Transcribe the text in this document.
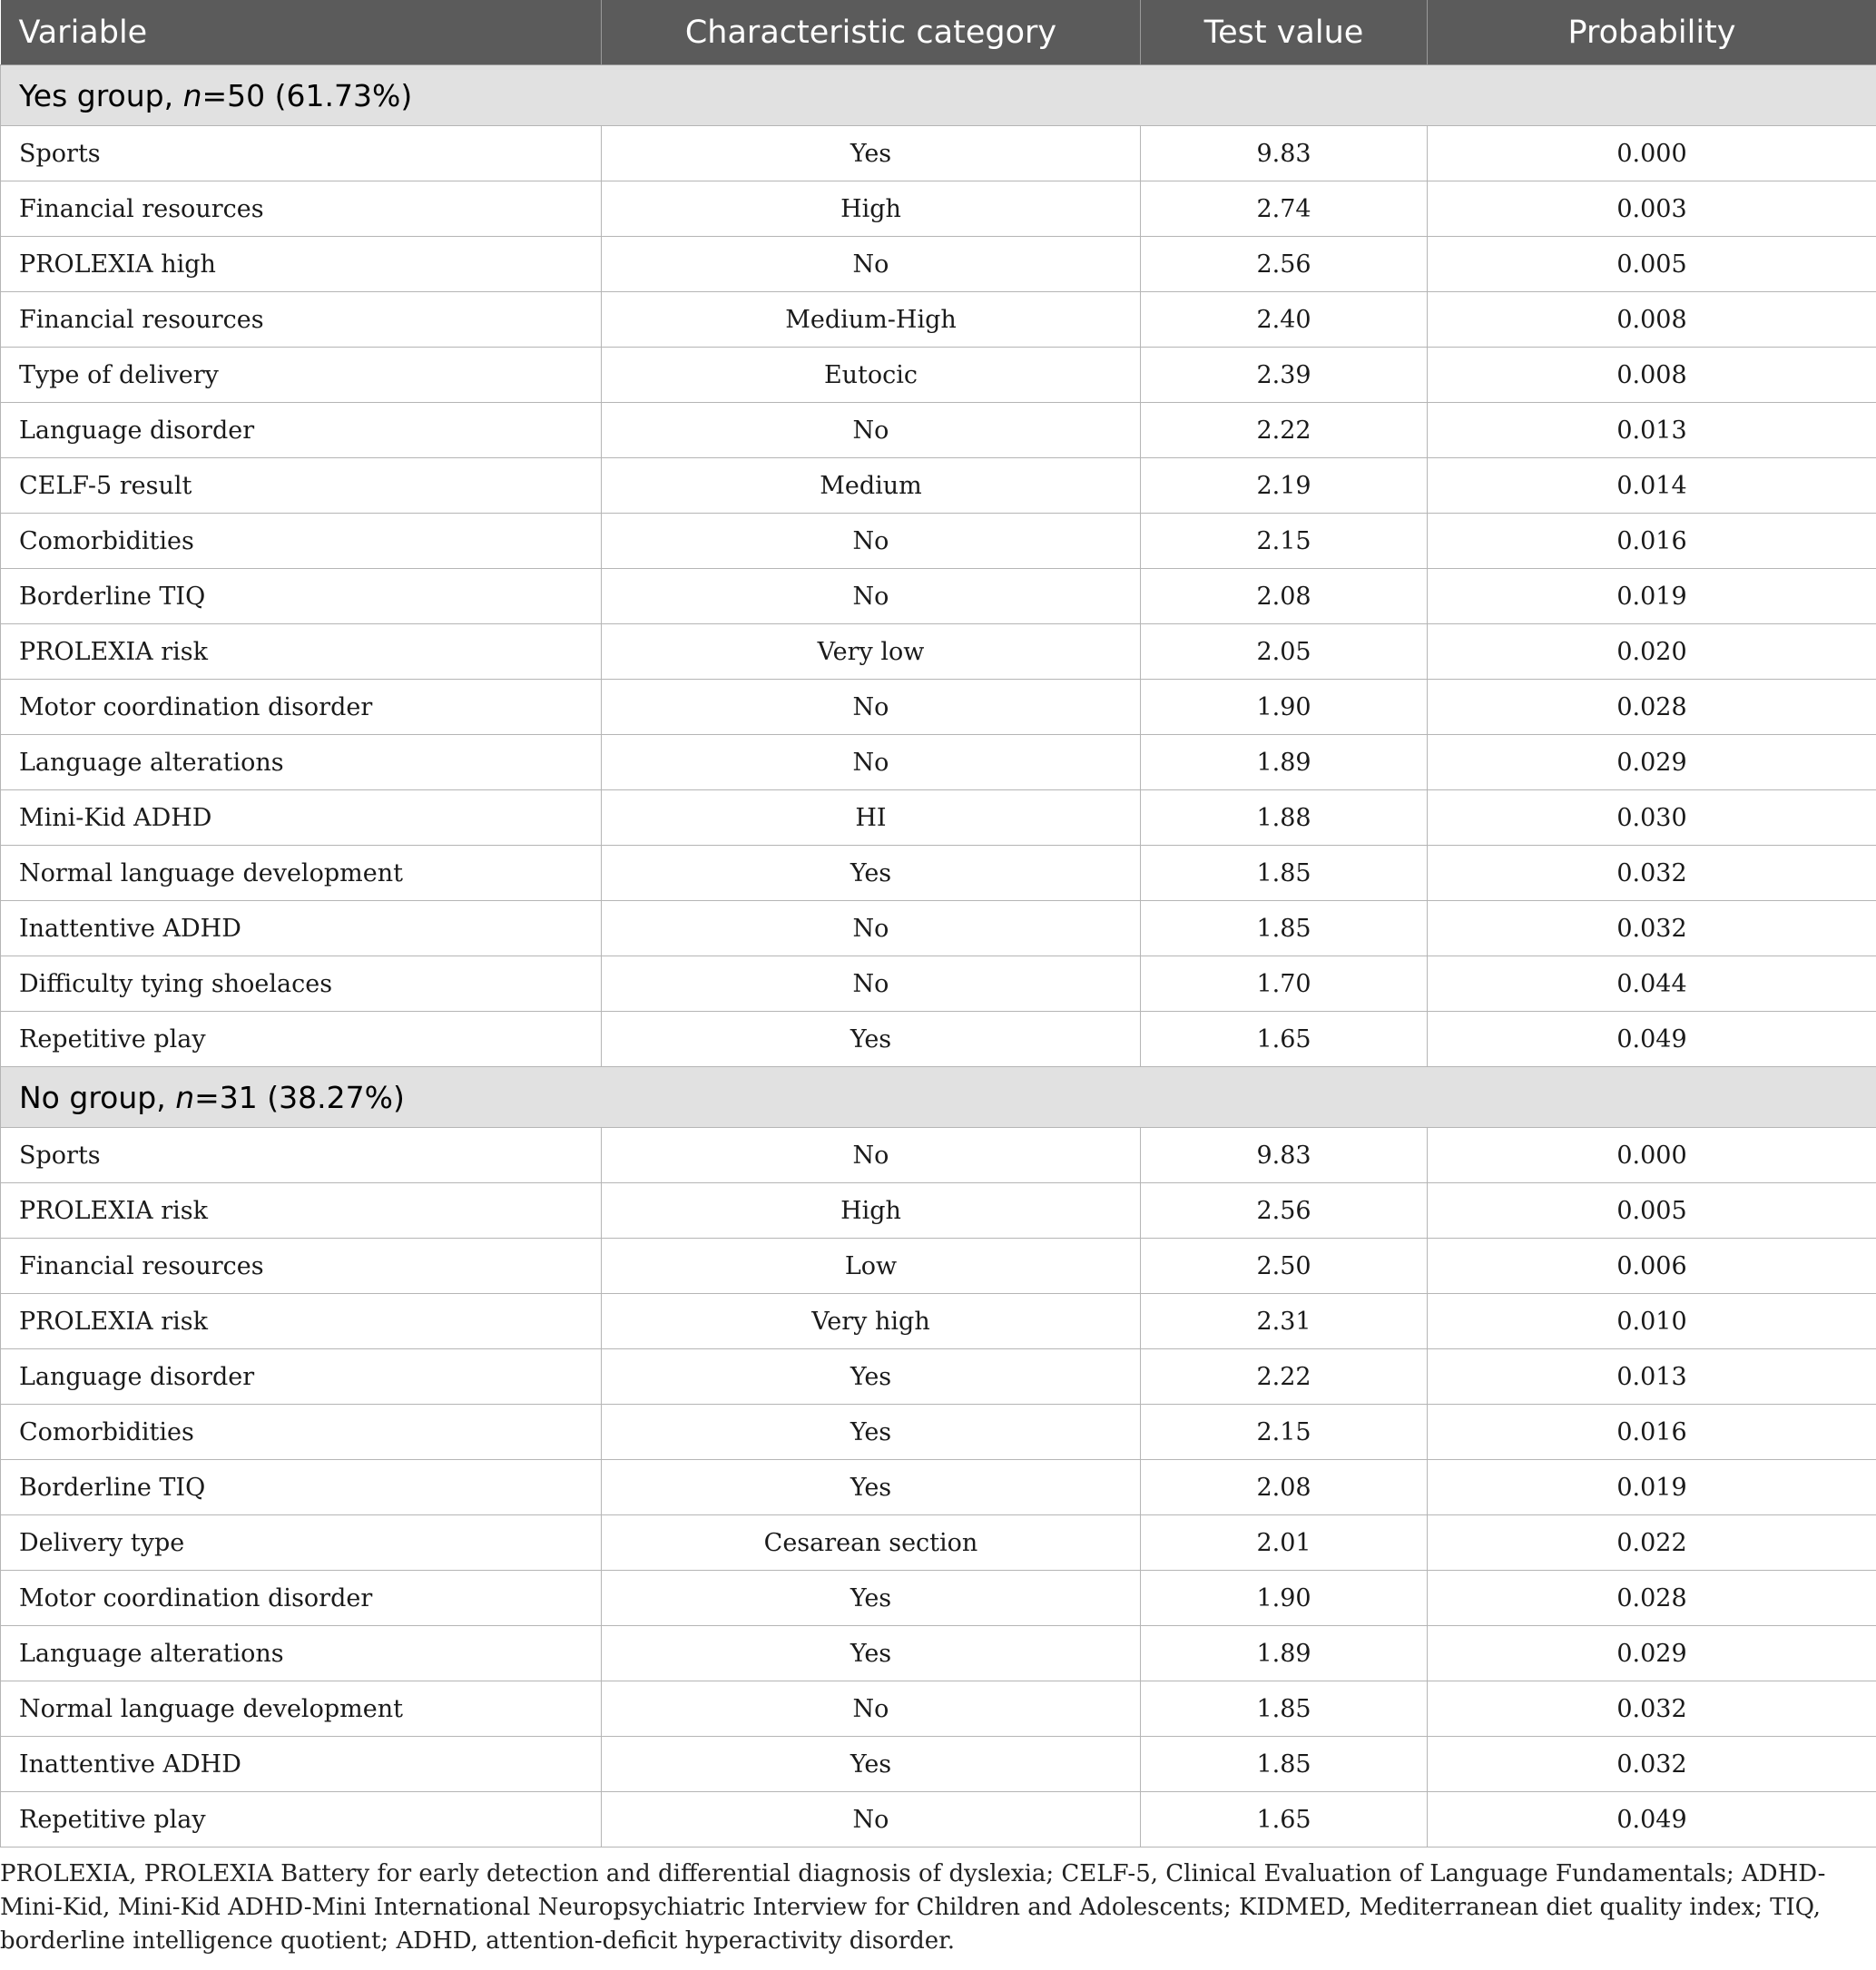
Variable	Characteristic category	Test value	Probability
Yes group, n=50 (61.73%)			
Sports	Yes	9.83	0.000
Financial resources	High	2.74	0.003
PROLEXIA high	No	2.56	0.005
Financial resources	Medium-High	2.40	0.008
Type of delivery	Eutocic	2.39	0.008
Language disorder	No	2.22	0.013
CELF-5 result	Medium	2.19	0.014
Comorbidities	No	2.15	0.016
Borderline TIQ	No	2.08	0.019
PROLEXIA risk	Very low	2.05	0.020
Motor coordination disorder	No	1.90	0.028
Language alterations	No	1.89	0.029
Mini-Kid ADHD	HI	1.88	0.030
Normal language development	Yes	1.85	0.032
Inattentive ADHD	No	1.85	0.032
Difficulty tying shoelaces	No	1.70	0.044
Repetitive play	Yes	1.65	0.049
No group, n=31 (38.27%)			
Sports	No	9.83	0.000
PROLEXIA risk	High	2.56	0.005
Financial resources	Low	2.50	0.006
PROLEXIA risk	Very high	2.31	0.010
Language disorder	Yes	2.22	0.013
Comorbidities	Yes	2.15	0.016
Borderline TIQ	Yes	2.08	0.019
Delivery type	Cesarean section	2.01	0.022
Motor coordination disorder	Yes	1.90	0.028
Language alterations	Yes	1.89	0.029
Normal language development	No	1.85	0.032
Inattentive ADHD	Yes	1.85	0.032
Repetitive play	No	1.65	0.049
PROLEXIA, PROLEXIA Battery for early detection and differential diagnosis of dyslexia; CELF-5, Clinical Evaluation of Language Fundamentals; ADHD-Mini-Kid, Mini-Kid ADHD-Mini International Neuropsychiatric Interview for Children and Adolescents; KIDMED, Mediterranean diet quality index; TIQ, borderline intelligence quotient; ADHD, attention-deficit hyperactivity disorder.
